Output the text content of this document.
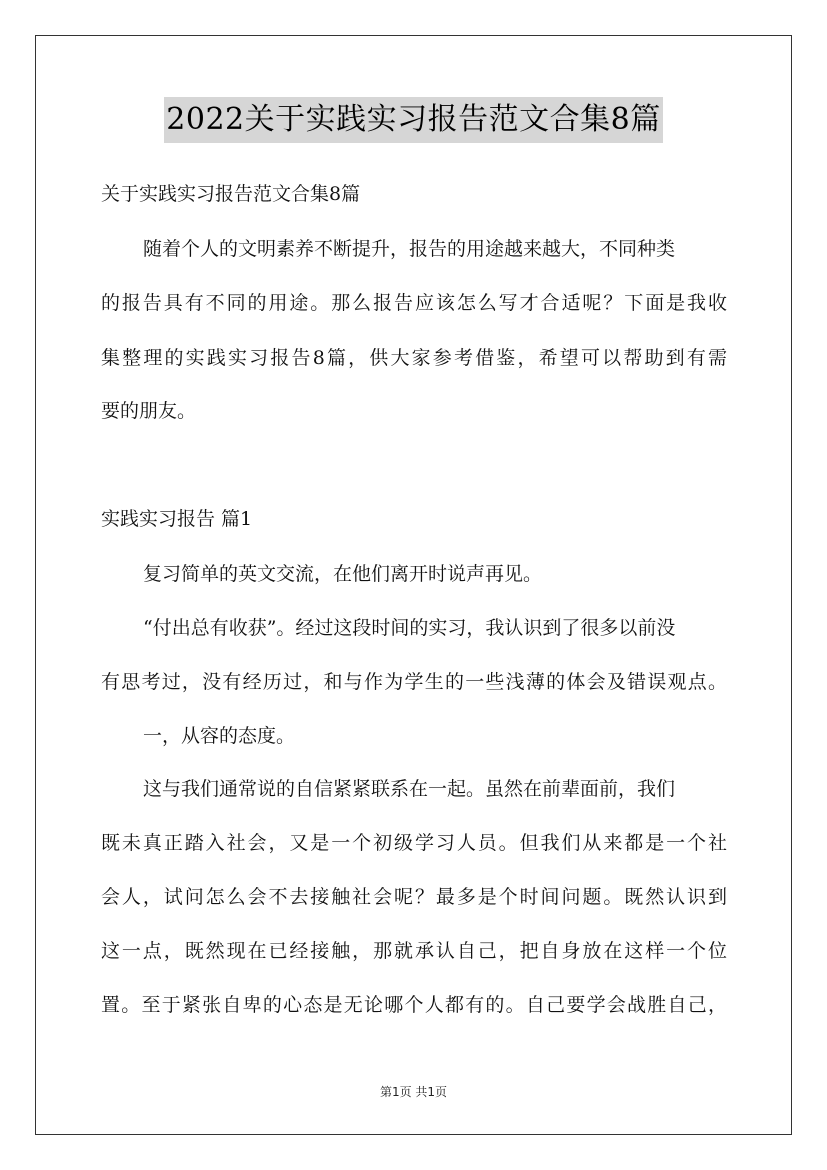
2022关于实践实习报告范文合集8篇
关于实践实习报告范文合集8篇
随着个人的文明素养不断提升，报告的用途越来越大，不同种类
的报告具有不同的用途。那么报告应该怎么写才合适呢？下面是我收
集整理的实践实习报告8篇，供大家参考借鉴，希望可以帮助到有需
要的朋友。
实践实习报告 篇1
复习简单的英文交流，在他们离开时说声再见。
“付出总有收获”。经过这段时间的实习，我认识到了很多以前没
有思考过，没有经历过，和与作为学生的一些浅薄的体会及错误观点。
一，从容的态度。
这与我们通常说的自信紧紧联系在一起。虽然在前辈面前，我们
既未真正踏入社会，又是一个初级学习人员。但我们从来都是一个社
会人，试问怎么会不去接触社会呢？最多是个时间问题。既然认识到
这一点，既然现在已经接触，那就承认自己，把自身放在这样一个位
置。至于紧张自卑的心态是无论哪个人都有的。自己要学会战胜自己，
第1页 共1页
